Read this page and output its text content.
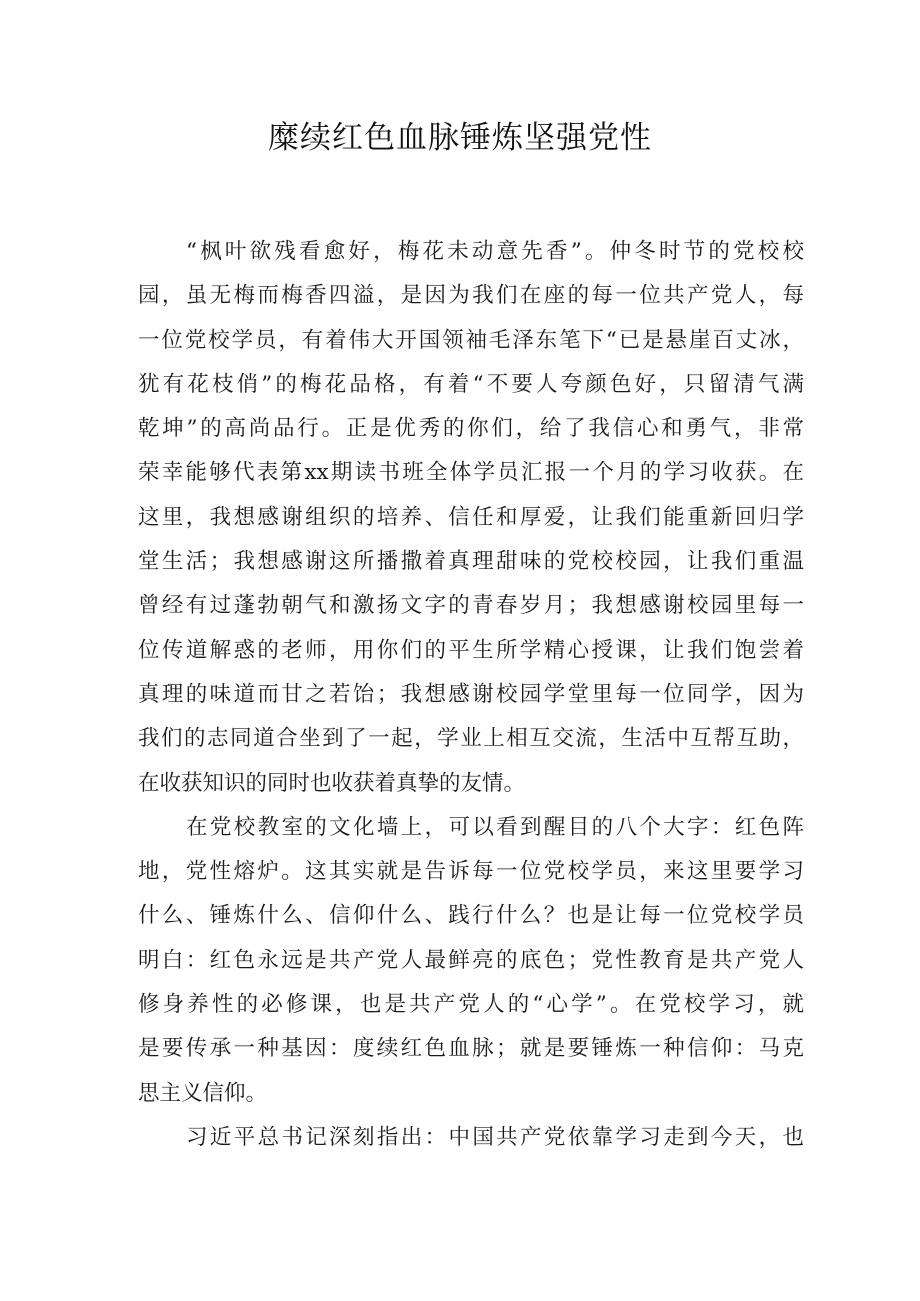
糜续红色血脉锤炼坚强党性
“枫叶欲残看愈好，梅花未动意先香”。仲冬时节的党校校
园，虽无梅而梅香四溢，是因为我们在座的每一位共产党人，每
一位党校学员，有着伟大开国领袖毛泽东笔下“已是悬崖百丈冰，
犹有花枝俏”的梅花品格，有着“不要人夸颜色好，只留清气满
乾坤”的高尚品行。正是优秀的你们，给了我信心和勇气，非常
荣幸能够代表第xx期读书班全体学员汇报一个月的学习收获。在
这里，我想感谢组织的培养、信任和厚爱，让我们能重新回归学
堂生活；我想感谢这所播撒着真理甜味的党校校园，让我们重温
曾经有过蓬勃朝气和激扬文字的青春岁月；我想感谢校园里每一
位传道解惑的老师，用你们的平生所学精心授课，让我们饱尝着
真理的味道而甘之若饴；我想感谢校园学堂里每一位同学，因为
我们的志同道合坐到了一起，学业上相互交流，生活中互帮互助，
在收获知识的同时也收获着真挚的友情。
在党校教室的文化墙上，可以看到醒目的八个大字：红色阵
地，党性熔炉。这其实就是告诉每一位党校学员，来这里要学习
什么、锤炼什么、信仰什么、践行什么？也是让每一位党校学员
明白：红色永远是共产党人最鲜亮的底色；党性教育是共产党人
修身养性的必修课，也是共产党人的“心学”。在党校学习，就
是要传承一种基因：度续红色血脉；就是要锤炼一种信仰：马克
思主义信仰。
习近平总书记深刻指出：中国共产党依靠学习走到今天，也
